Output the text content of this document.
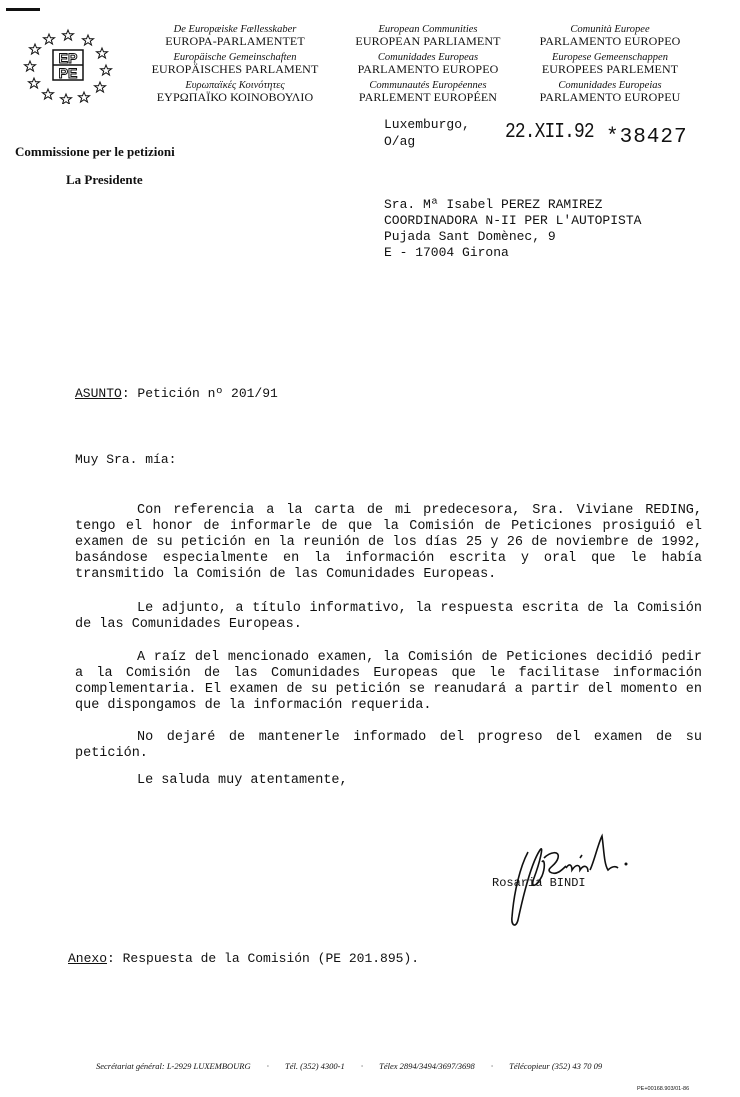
EP
PE
De Europæiske Fællesskaber
EUROPA-PARLAMENTET
Europäische Gemeinschaften
EUROPÄISCHES PARLAMENT
Ευρωπαϊκές Κοινότητες
ΕΥΡΩΠΑΪΚΟ ΚΟΙΝΟΒΟΥΛΙΟ
European Communities
EUROPEAN PARLIAMENT
Comunidades Europeas
PARLAMENTO EUROPEO
Communautés Européennes
PARLEMENT EUROPÉEN
Comunità Europee
PARLAMENTO EUROPEO
Europese Gemeenschappen
EUROPEES PARLEMENT
Comunidades Europeias
PARLAMENTO EUROPEU
Commissione per le petizioni
La Presidente
Luxemburgo,
O/ag	22.XII.92 *38427
Sra. Mª Isabel PEREZ RAMIREZ
COORDINADORA N-II PER L'AUTOPISTA
Pujada Sant Domènec, 9
E - 17004 Girona
ASUNTO: Petición nº 201/91
Muy Sra. mía:
Con referencia a la carta de mi predecesora, Sra. Viviane REDING, tengo el honor de informarle de que la Comisión de Peticiones prosiguió el examen de su petición en la reunión de los días 25 y 26 de noviembre de 1992, basándose especialmente en la información escrita y oral que le había transmitido la Comisión de las Comunidades Europeas.
Le adjunto, a título informativo, la respuesta escrita de la Comisión de las Comunidades Europeas.
A raíz del mencionado examen, la Comisión de Peticiones decidió pedir a la Comisión de las Comunidades Europeas que le facilitase información complementaria. El examen de su petición se reanudará a partir del momento en que dispongamos de la información requerida.
No dejaré de mantenerle informado del progreso del examen de su petición.
Le saluda muy atentamente,
Rosaria BINDI
Anexo: Respuesta de la Comisión (PE 201.895).
Secrétariat général: L-2929 LUXEMBOURG · Tél. (352) 4300-1 · Télex 2894/3494/3697/3698 · Télécopieur (352) 43 70 09
PE+00168.903/01-86
